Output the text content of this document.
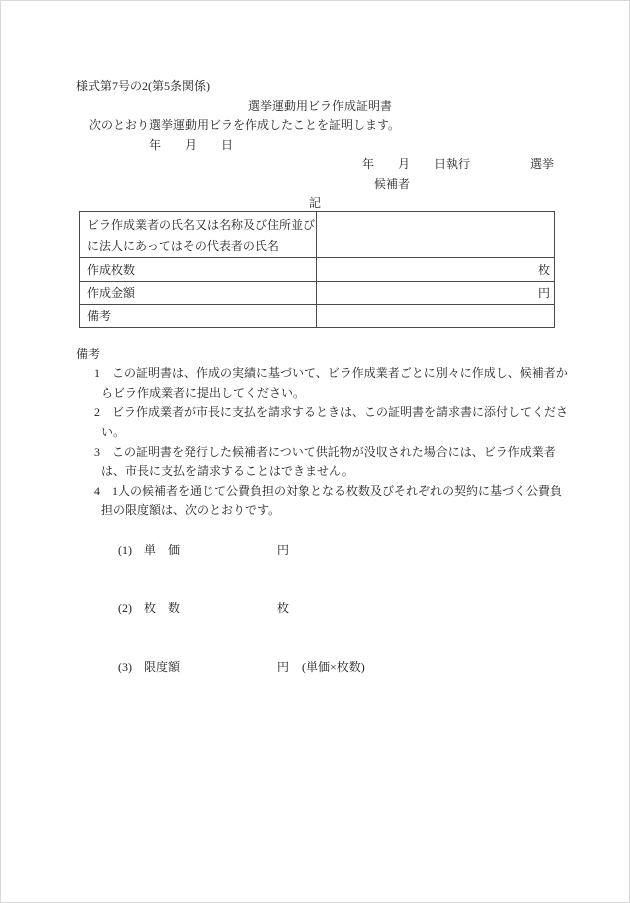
様式第7号の2(第5条関係)
選挙運動用ビラ作成証明書
次のとおり選挙運動用ビラを作成したことを証明します。
年　　月　　日
年　　月　　日執行　　　　　選挙
　候補者
記
ビラ作成業者の氏名又は名称及び住所並び
に法人にあってはその代表者の氏名	

作成枚数	枚
作成金額	円
備考	
備考
1　この証明書は、作成の実績に基づいて、ビラ作成業者ごとに別々に作成し、候補者か
らビラ作成業者に提出してください。
2　ビラ作成業者が市長に支払を請求するときは、この証明書を請求書に添付してくださ
い。
3　この証明書を発行した候補者について供託物が没収された場合には、ビラ作成業者
は、市長に支払を請求することはできません。
4　1人の候補者を通じて公費負担の対象となる枚数及びそれぞれの契約に基づく公費負
担の限度額は、次のとおりです。

(1)　単　価	円

(2)　枚　数	枚

(3)　限度額	円 (単価×枚数)
